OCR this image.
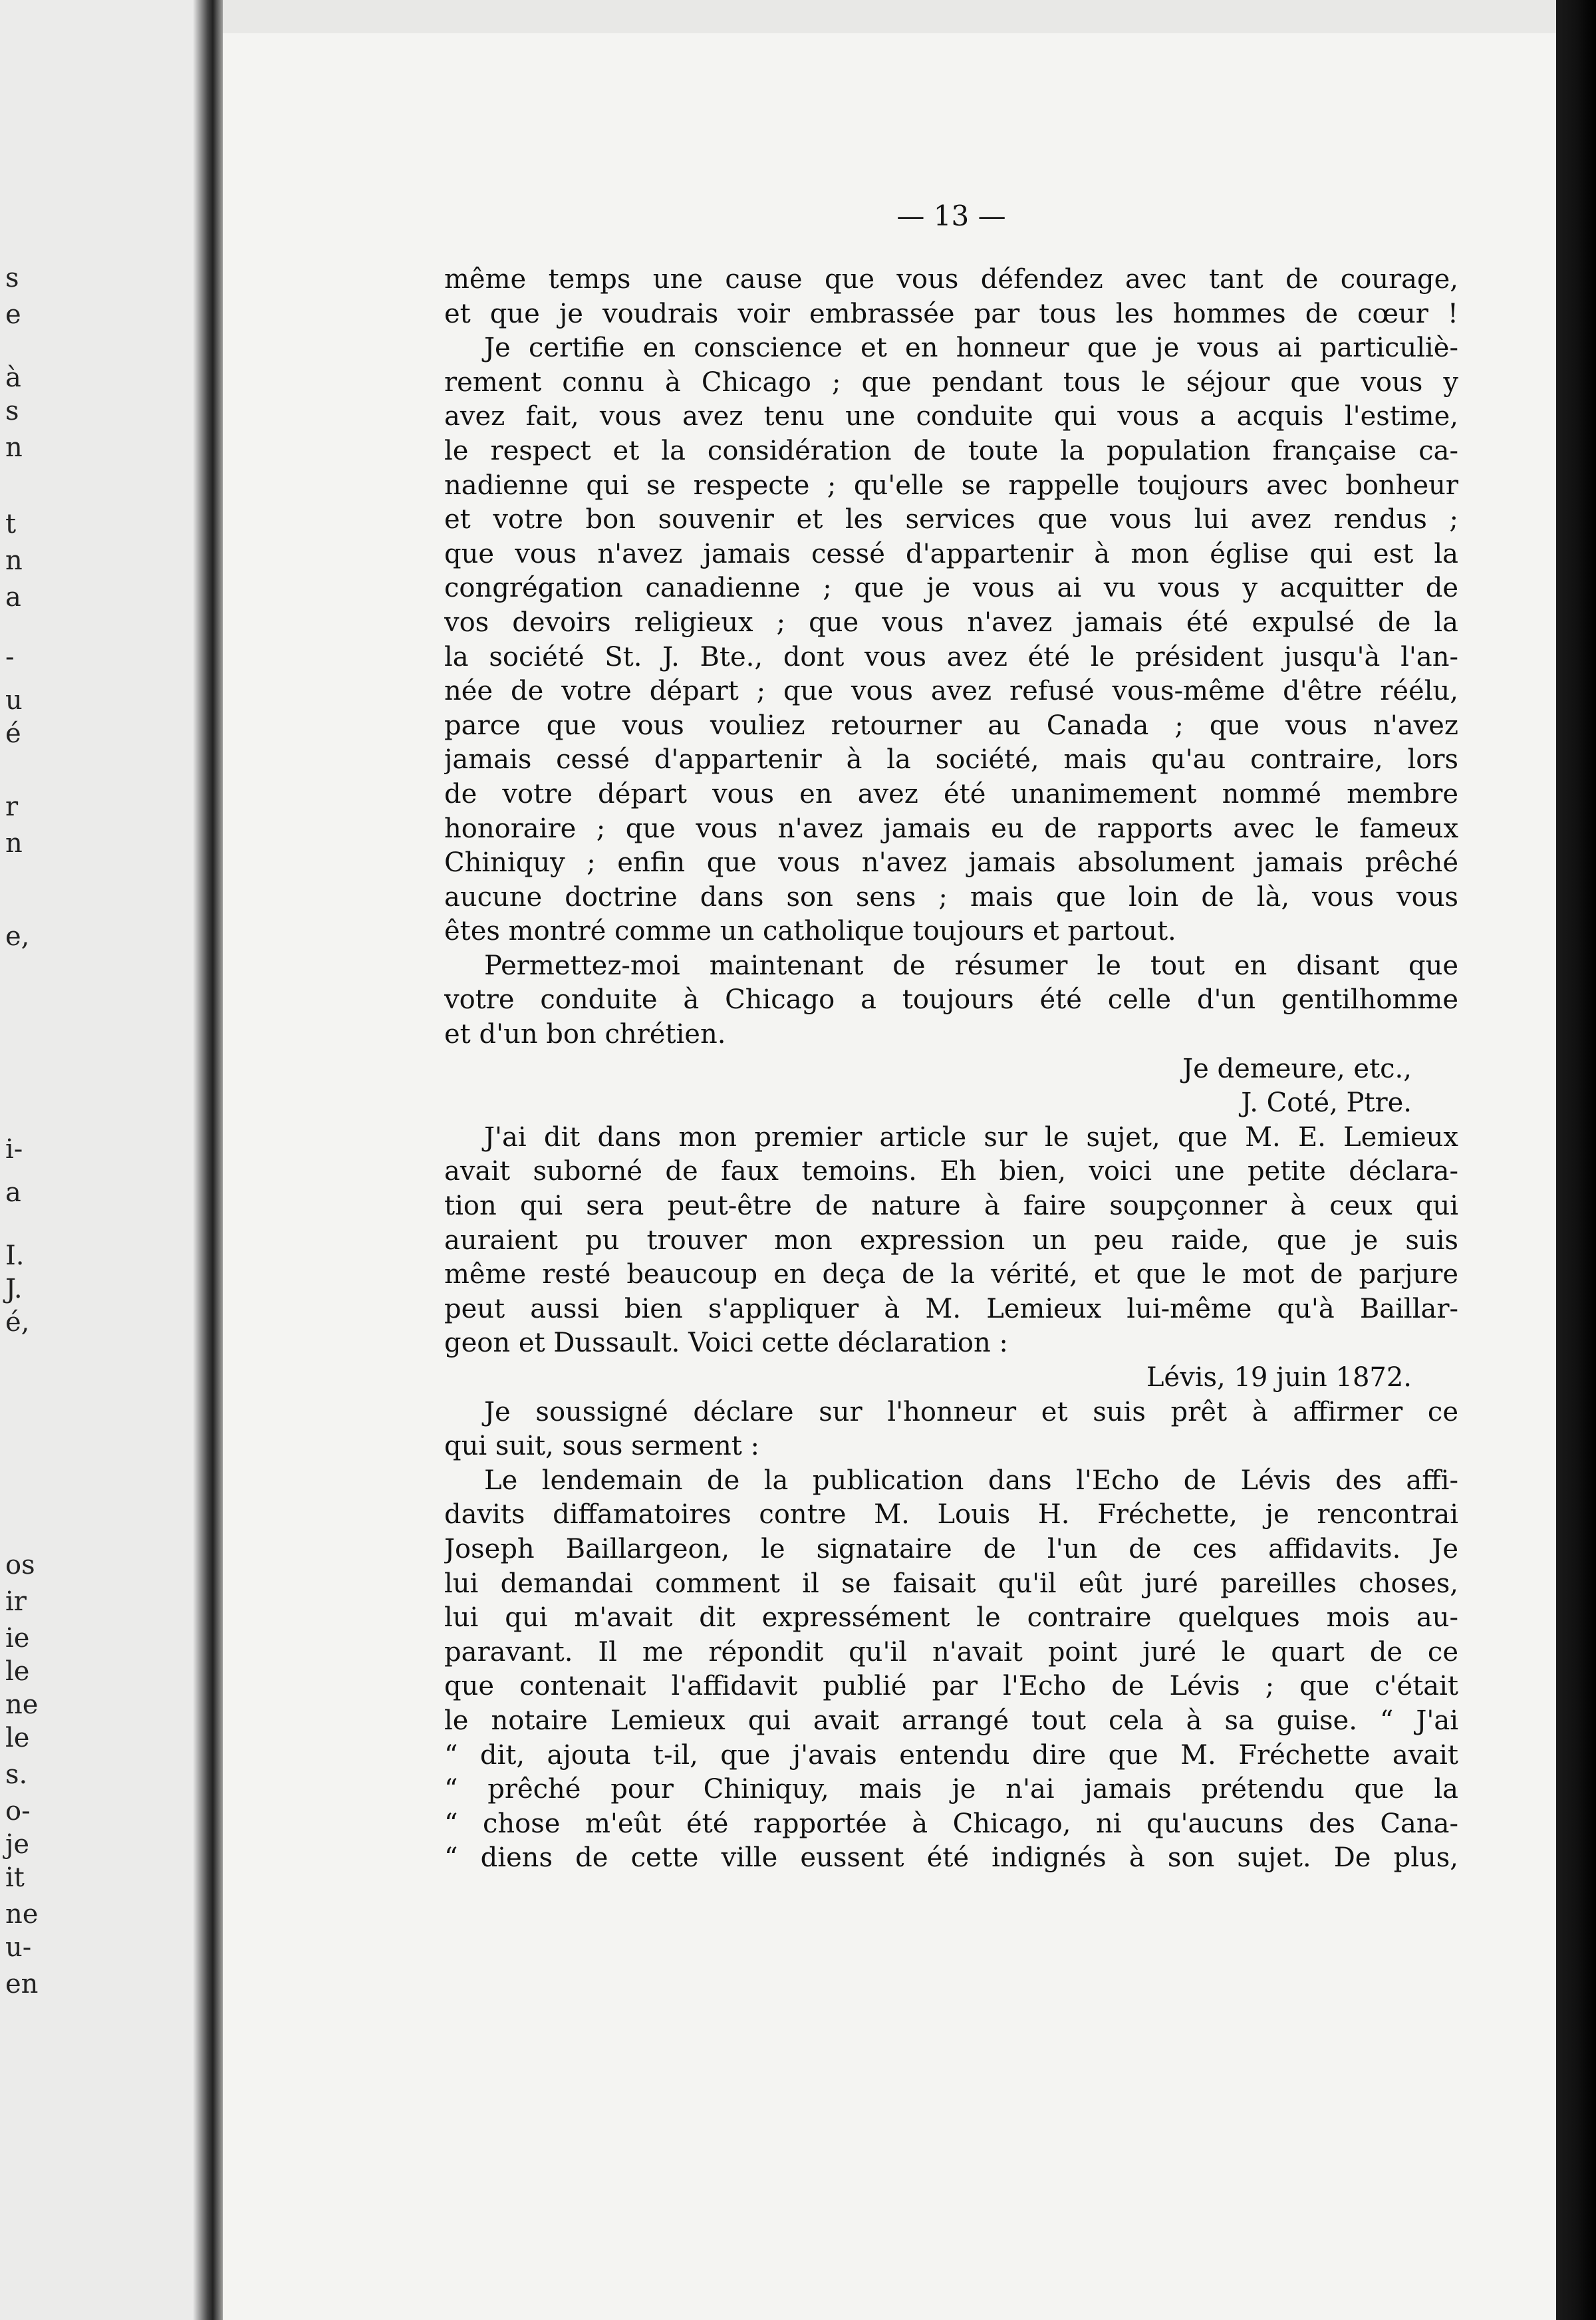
s
e
à
s
n
t
n
a
-
u
é
r
n
e,
i-
a
I.
J.
é,
os
ir
ie
le
ne
le
s.
o-
je
it
ne
u-
en
— 13 —
même temps une cause que vous défendez avec tant de courage,
et que je voudrais voir embrassée par tous les hommes de cœur !
Je certifie en conscience et en honneur que je vous ai particuliè-
rement connu à Chicago ; que pendant tous le séjour que vous y
avez fait, vous avez tenu une conduite qui vous a acquis l'estime,
le respect et la considération de toute la population française ca-
nadienne qui se respecte ; qu'elle se rappelle toujours avec bonheur
et votre bon souvenir et les services que vous lui avez rendus ;
que vous n'avez jamais cessé d'appartenir à mon église qui est la
congrégation canadienne ; que je vous ai vu vous y acquitter de
vos devoirs religieux ; que vous n'avez jamais été expulsé de la
la société St. J. Bte., dont vous avez été le président jusqu'à l'an-
née de votre départ ; que vous avez refusé vous-même d'être réélu,
parce que vous vouliez retourner au Canada ; que vous n'avez
jamais cessé d'appartenir à la société, mais qu'au contraire, lors
de votre départ vous en avez été unanimement nommé membre
honoraire ; que vous n'avez jamais eu de rapports avec le fameux
Chiniquy ; enfin que vous n'avez jamais absolument jamais prêché
aucune doctrine dans son sens ; mais que loin de là, vous vous
êtes montré comme un catholique toujours et partout.
Permettez-moi maintenant de résumer le tout en disant que
votre conduite à Chicago a toujours été celle d'un gentilhomme
et d'un bon chrétien.
Je demeure, etc.,
J. Coté, Ptre.
J'ai dit dans mon premier article sur le sujet, que M. E. Lemieux
avait suborné de faux temoins. Eh bien, voici une petite déclara-
tion qui sera peut-être de nature à faire soupçonner à ceux qui
auraient pu trouver mon expression un peu raide, que je suis
même resté beaucoup en deça de la vérité, et que le mot de parjure
peut aussi bien s'appliquer à M. Lemieux lui-même qu'à Baillar-
geon et Dussault. Voici cette déclaration :
Lévis, 19 juin 1872.
Je soussigné déclare sur l'honneur et suis prêt à affirmer ce
qui suit, sous serment :
Le lendemain de la publication dans l'Echo de Lévis des affi-
davits diffamatoires contre M. Louis H. Fréchette, je rencontrai
Joseph Baillargeon, le signataire de l'un de ces affidavits. Je
lui demandai comment il se faisait qu'il eût juré pareilles choses,
lui qui m'avait dit expressément le contraire quelques mois au-
paravant. Il me répondit qu'il n'avait point juré le quart de ce
que contenait l'affidavit publié par l'Echo de Lévis ; que c'était
le notaire Lemieux qui avait arrangé tout cela à sa guise. “ J'ai
“ dit, ajouta t-il, que j'avais entendu dire que M. Fréchette avait
“ prêché pour Chiniquy, mais je n'ai jamais prétendu que la
“ chose m'eût été rapportée à Chicago, ni qu'aucuns des Cana-
“ diens de cette ville eussent été indignés à son sujet. De plus,
